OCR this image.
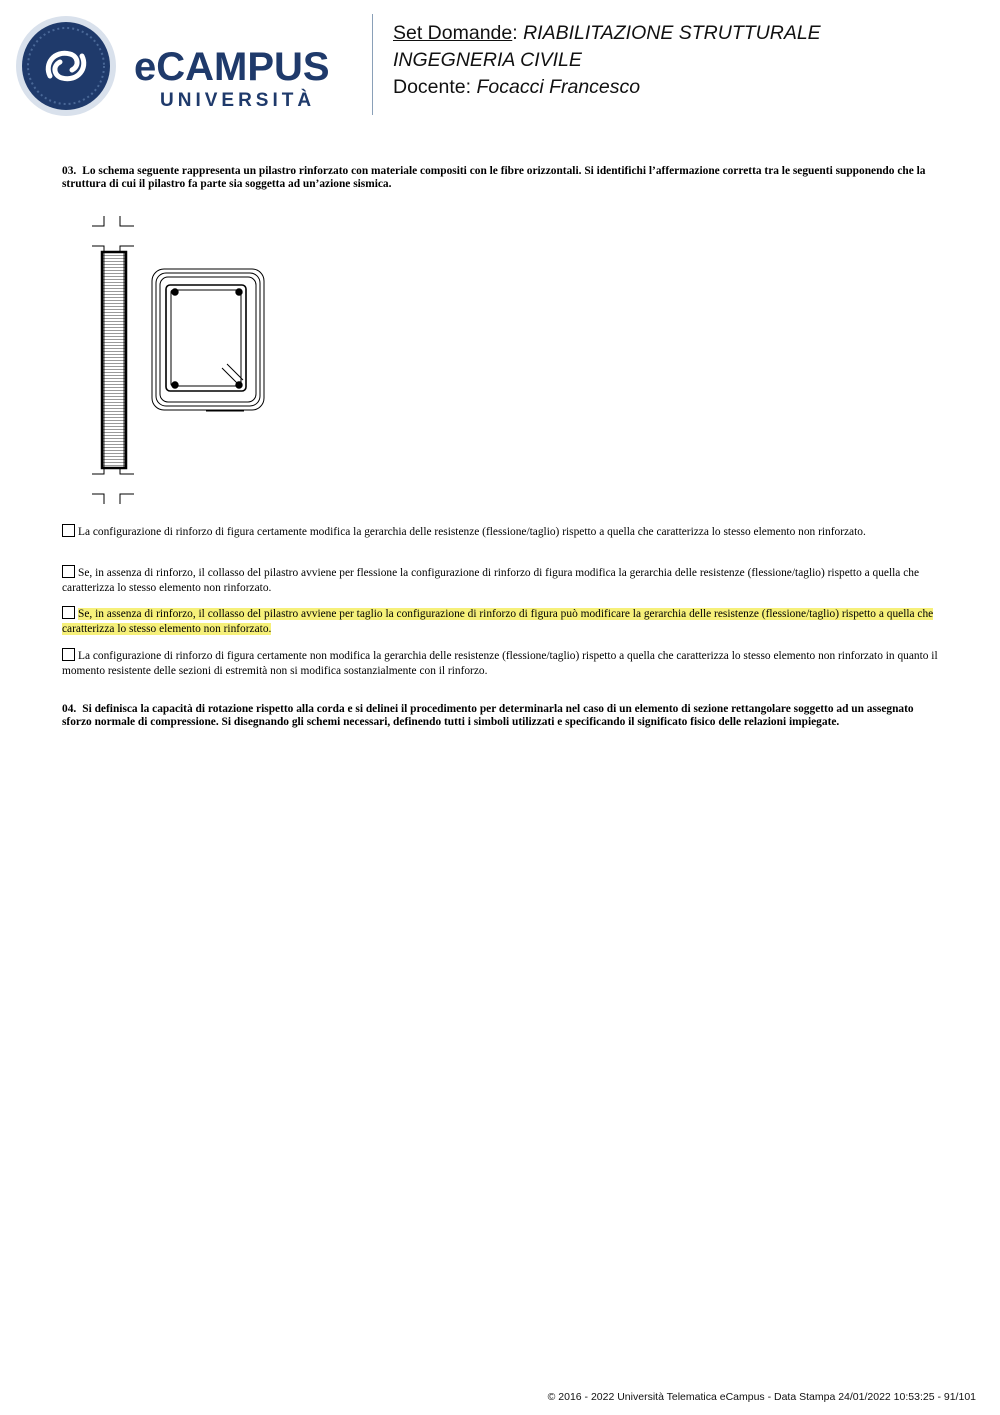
eCAMPUS
UNIVERSITÀ
Set Domande: RIABILITAZIONE STRUTTURALE
INGEGNERIA CIVILE
Docente: Focacci Francesco
03. Lo schema seguente rappresenta un pilastro rinforzato con materiale compositi con le fibre orizzontali. Si identifichi l’affermazione corretta tra le seguenti supponendo che la struttura di cui il pilastro fa parte sia soggetta ad un’azione sismica.
La configurazione di rinforzo di figura certamente modifica la gerarchia delle resistenze (flessione/taglio) rispetto a quella che caratterizza lo stesso elemento non rinforzato.
Se, in assenza di rinforzo, il collasso del pilastro avviene per flessione la configurazione di rinforzo di figura modifica la gerarchia delle resistenze (flessione/taglio) rispetto a quella che caratterizza lo stesso elemento non rinforzato.
Se, in assenza di rinforzo, il collasso del pilastro avviene per taglio la configurazione di rinforzo di figura può modificare la gerarchia delle resistenze (flessione/taglio) rispetto a quella che caratterizza lo stesso elemento non rinforzato.
La configurazione di rinforzo di figura certamente non modifica la gerarchia delle resistenze (flessione/taglio) rispetto a quella che caratterizza lo stesso elemento non rinforzato in quanto il momento resistente delle sezioni di estremità non si modifica sostanzialmente con il rinforzo.
04. Si definisca la capacità di rotazione rispetto alla corda e si delinei il procedimento per determinarla nel caso di un elemento di sezione rettangolare soggetto ad un assegnato sforzo normale di compressione. Si disegnando gli schemi necessari, definendo tutti i simboli utilizzati e specificando il significato fisico delle relazioni impiegate.
© 2016 - 2022 Università Telematica eCampus - Data Stampa 24/01/2022 10:53:25 - 91/101
